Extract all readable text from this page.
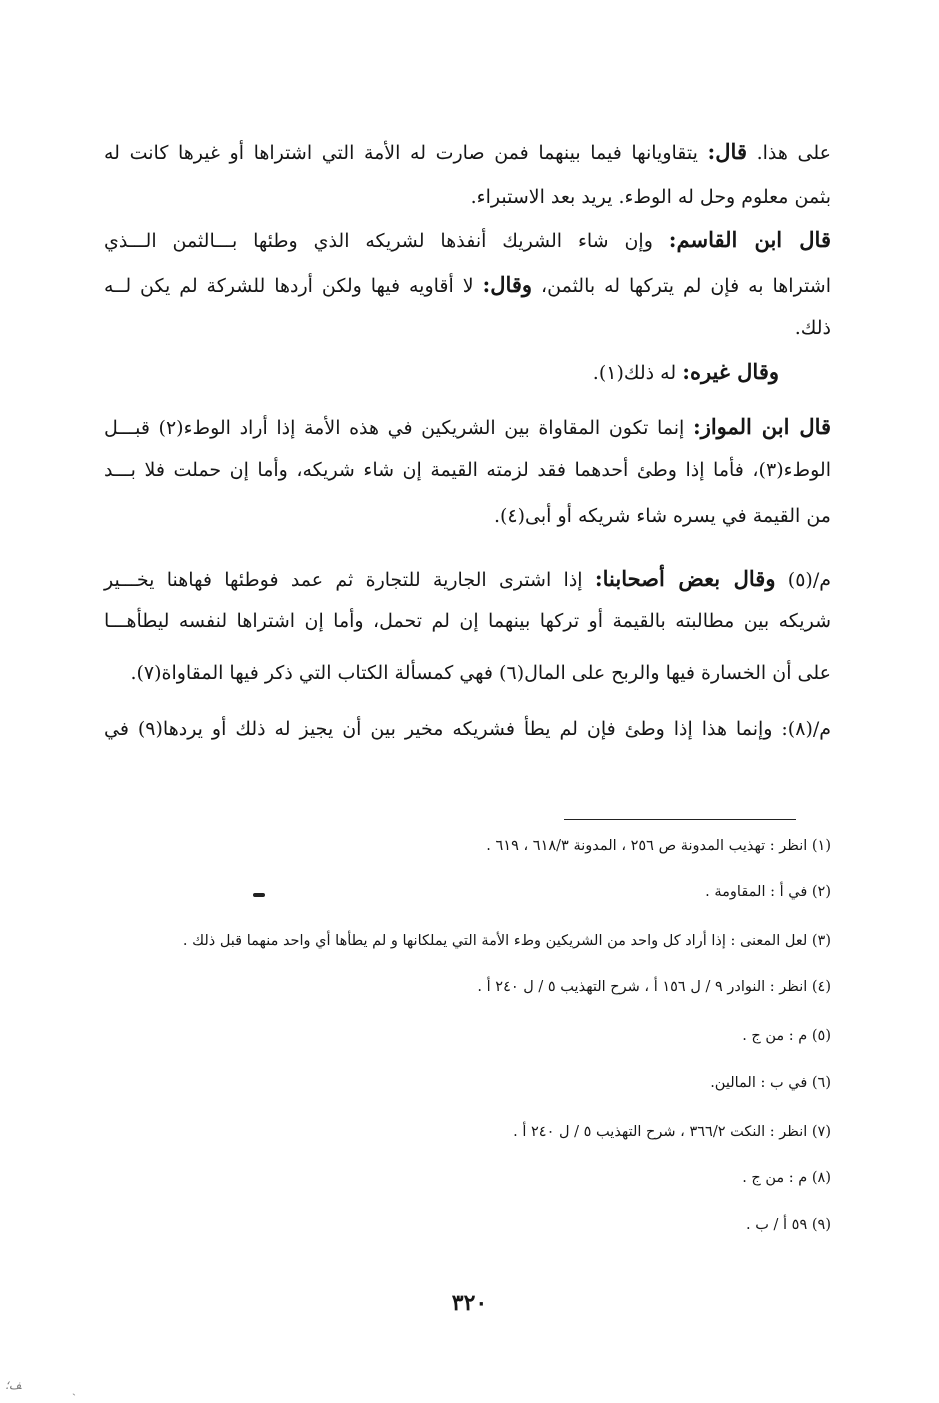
على هذا. قال: يتقاويانها فيما بينهما فمن صارت له الأمة التي اشتراها أو غيرها كانت له
بثمن معلوم وحل له الوطء. يريد بعد الاستبراء.
قال ابن القاسم: وإن شاء الشريك أنفذها لشريكه الذي وطئها بـــالثمن الـــذي
اشتراها به فإن لم يتركها له بالثمن، وقال: لا أقاويه فيها ولكن أردها للشركة لم يكن لــه
ذلك.
وقال غيره: له ذلك(١).
قال ابن المواز: إنما تكون المقاواة بين الشريكين في هذه الأمة إذا أراد الوطء(٢) قبـــل
الوطء(٣)، فأما إذا وطئ أحدهما فقد لزمته القيمة إن شاء شريكه، وأما إن حملت فلا بـــد
من القيمة في يسره شاء شريكه أو أبى(٤).
م/(٥) وقال بعض أصحابنا: إذا اشترى الجارية للتجارة ثم عمد فوطئها فهاهنا يخـــير
شريكه بين مطالبته بالقيمة أو تركها بينهما إن لم تحمل، وأما إن اشتراها لنفسه ليطأهـــا
على أن الخسارة فيها والربح على المال(٦) فهي كمسألة الكتاب التي ذكر فيها المقاواة(٧).
م/(٨): وإنما هذا إذا وطئ فإن لم يطأ فشريكه مخير بين أن يجيز له ذلك أو يردها(٩) في
(١) انظر : تهذيب المدونة ص ٢٥٦ ، المدونة ٦١٨/٣ ، ٦١٩ .
(٢) في أ : المقاومة .
(٣) لعل المعنى : إذا أراد كل واحد من الشريكين وطء الأمة التي يملكانها و لم يطأها أي واحد منهما قبل ذلك .
(٤) انظر : النوادر ٩ / ل ١٥٦ أ ، شرح التهذيب ٥ / ل ٢٤٠ أ .
(٥) م : من ج .
(٦) في ب : المالين.
(٧) انظر : النكت ٣٦٦/٢ ، شرح التهذيب ٥ / ل ٢٤٠ أ .
(٨) م : من ج .
(٩) ٥٩ أ / ب .
٣٢٠
ﻒ؛	ˏ
